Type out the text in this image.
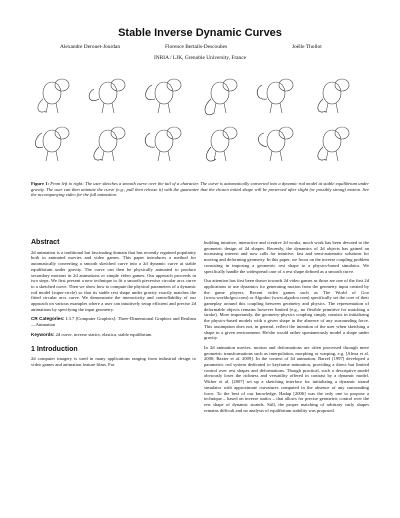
Stable Inverse Dynamic Curves
Alexandre Derouet-Jourdan	Florence Bertails-Descoubes	Joëlle Thollot
INRIA / LJK, Grenoble University, France
Figure 1: From left to right: The user sketches a smooth curve over the tail of a character. The curve is automatically converted into a dynamic rod model at stable equilibrium under gravity. The user can then animate the curve (e.g., pull then release it) with the guarantee that the chosen initial shape will be preserved after slight (or possibly strong) motion. See the accompanying video for the full animation.
Abstract

2d animation is a traditional but fascinating domain that has recently regained popularity both in animated movies and video games. This paper introduces a method for automatically converting a smooth sketched curve into a 2d dynamic curve at stable equilibrium under gravity. The curve can then be physically animated to produce secondary motions in 2d animations or simple video games. Our approach proceeds in two steps. We first present a new technique to fit a smooth piecewise circular arcs curve to a sketched curve. Then we show how to compute the physical parameters of a dynamic rod model (super-circle) so that its stable rest shape under gravity exactly matches the fitted circular arcs curve. We demonstrate the interactivity and controllability of our approach on various examples where a user can intuitively setup efficient and precise 2d animations by specifying the input geometry.

CR Categories: I.3.7 [Computer Graphics]: Three-Dimensional Graphics and Realism—Animation

Keywords: 2d curve, inverse statics, elastica, stable equilibrium

1 Introduction

2d computer imagery is used in many applications ranging from industrial design to video games and animation feature films. For

building intuitive, interactive and creative 2d works, much work has been devoted to the geometric design of 2d shapes. Recently, the dynamics of 2d objects has gained an increasing interest and now calls for intuitive, fast and semi-automatic solutions for moving and deforming geometry. In this paper, we focus on the inverse coupling problem consisting in imposing a geometric rest shape to a physics-based simulator. We specifically handle the widespread case of a rest shape defined as a smooth curve.

Our attention has first been drawn towards 2d video games as those are one of the first 2d applications to use dynamics for generating motion from the geometry input created by the game players. Recent video games such as The World of Goo (www.worldofgoo.com) or Algodoo (www.algodoo.com) specifically set the core of their gameplay around this coupling between geometry and physics. The representation of deformable objects remains however limited (e.g., no flexible primitive for matching a stroke). More importantly, the geometry-physics coupling simply consists in initializing the physics-based models with a given shape in the absence of any surrounding force. This assumption does not, in general, reflect the intention of the user when sketching a shape in a given environment. He/she would rather spontaneously model a shape under gravity.

In 2d animation movies, motion and deformations are often processed through mere geometric transformations such as interpolation, morphing or warping, e.g. [Alexa et al. 2000; Baxter et al. 2009]. In the context of 3d animation, Barzel [1997] developed a parametric rod system dedicated to keyframe animation, providing a direct but limited control over rest shapes and deformations. Though practical, such a descriptive model obviously loses the richness and versatility offered in contrast by a dynamic model. Wither et al. [2007] set up a sketching interface for initializing a dynamic strand simulator with approximate curvatures computed in the absence of any surrounding force. To the best of our knowledge, Hadap [2006] was the only one to propose a technique – based on inverse statics – that allows for precise geometric control over the rest shape of dynamic strands. Still, the proper matching of arbitrary curly shapes remains difficult and no analysis of equilibrium stability was proposed.
